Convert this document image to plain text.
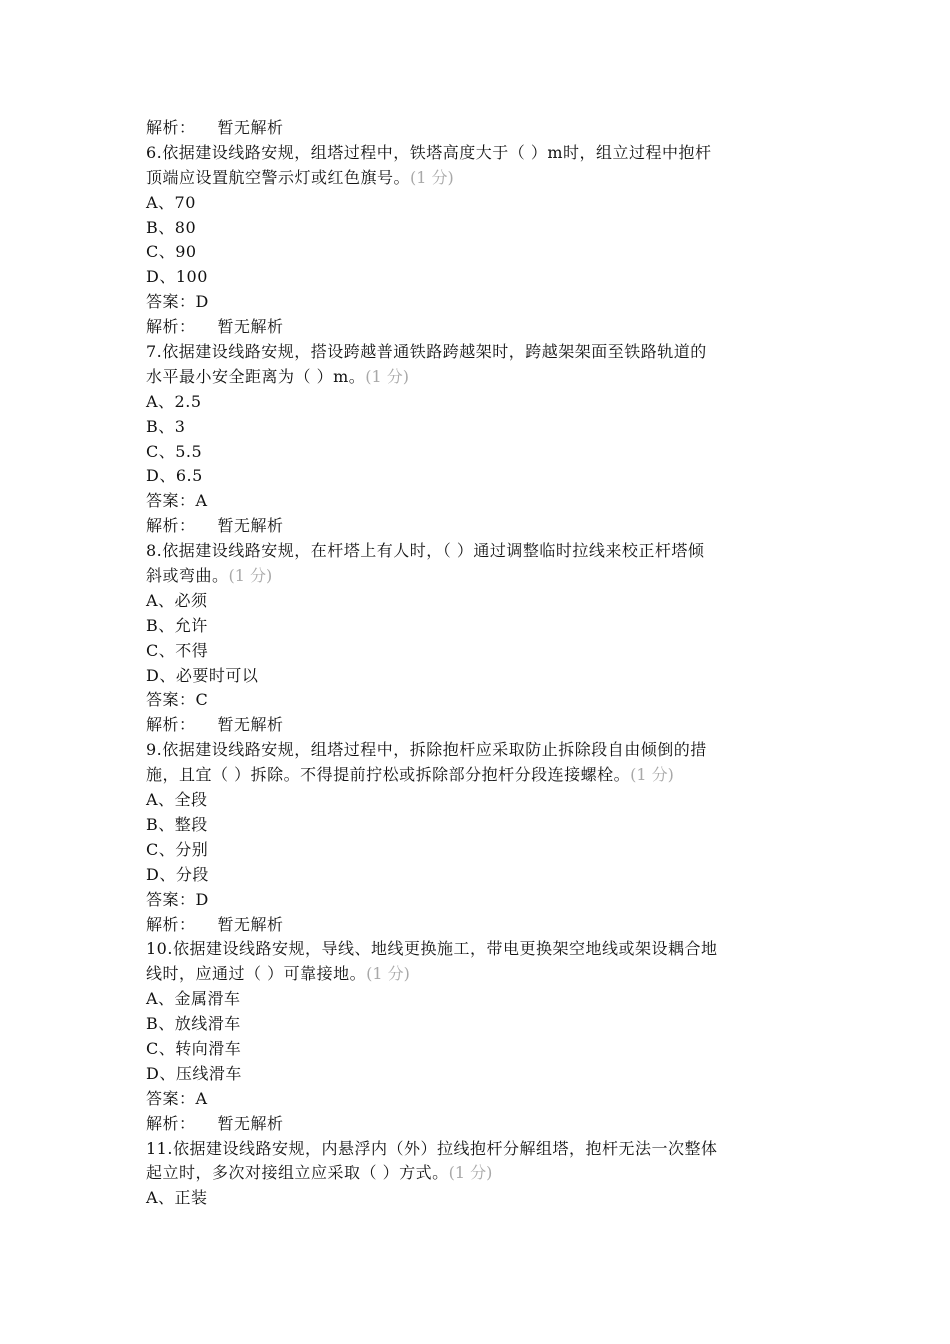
解析： 暂无解析
6.依据建设线路安规，组塔过程中，铁塔高度大于（ ）m时，组立过程中抱杆
顶端应设置航空警示灯或红色旗号。(1 分)
A、70
B、80
C、90
D、100
答案：D
解析： 暂无解析
7.依据建设线路安规，搭设跨越普通铁路跨越架时，跨越架架面至铁路轨道的
水平最小安全距离为（ ）m。(1 分)
A、2.5
B、3
C、5.5
D、6.5
答案：A
解析： 暂无解析
8.依据建设线路安规，在杆塔上有人时，（ ）通过调整临时拉线来校正杆塔倾
斜或弯曲。(1 分)
A、必须
B、允许
C、不得
D、必要时可以
答案：C
解析： 暂无解析
9.依据建设线路安规，组塔过程中，拆除抱杆应采取防止拆除段自由倾倒的措
施，且宜（ ）拆除。不得提前拧松或拆除部分抱杆分段连接螺栓。(1 分)
A、全段
B、整段
C、分别
D、分段
答案：D
解析： 暂无解析
10.依据建设线路安规，导线、地线更换施工，带电更换架空地线或架设耦合地
线时，应通过（ ）可靠接地。(1 分)
A、金属滑车
B、放线滑车
C、转向滑车
D、压线滑车
答案：A
解析： 暂无解析
11.依据建设线路安规，内悬浮内（外）拉线抱杆分解组塔，抱杆无法一次整体
起立时，多次对接组立应采取（ ）方式。(1 分)
A、正装
